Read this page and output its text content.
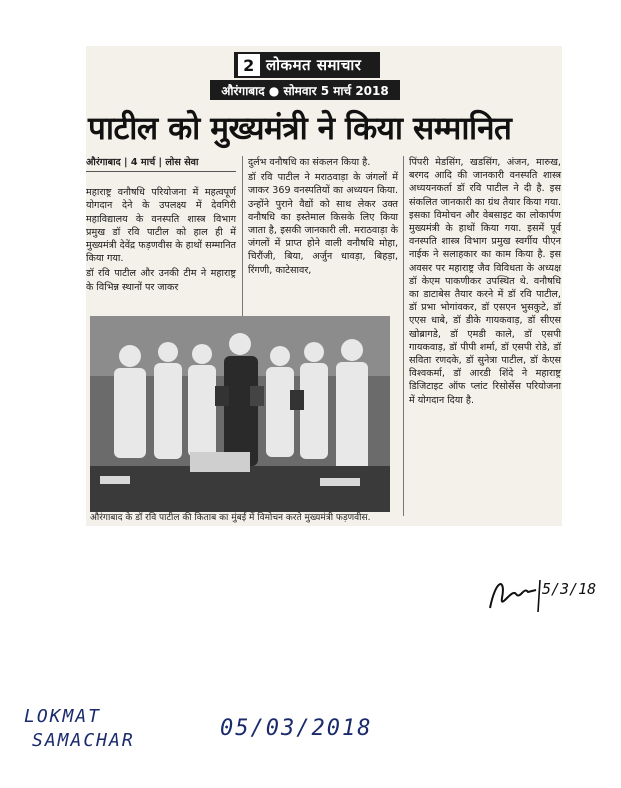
2 लोकमत समाचार
औरंगाबाद ● सोमवार 5 मार्च 2018
पाटील को मुख्यमंत्री ने किया सम्मानित

औरंगाबाद | 4 मार्च | लोस सेवा

महाराष्ट्र वनौषधि परियोजना में महत्वपूर्ण योगदान देने के उपलक्ष्य में देवगिरी महाविद्यालय के वनस्पति शास्त्र विभाग प्रमुख डॉ रवि पाटील को हाल ही में मुख्यमंत्री देवेंद्र फड़णवीस के हाथों सम्मानित किया गया.

डॉ रवि पाटील और उनकी टीम ने महाराष्ट्र के विभिन्न स्थानों पर जाकर

दुर्लभ वनौषधि का संकलन किया है.

डॉ रवि पाटील ने मराठवाड़ा के जंगलों में जाकर 369 वनस्पतियों का अध्ययन किया. उन्होंने पुराने वैद्यों को साथ लेकर उक्त वनौषधि का इस्तेमाल किसके लिए किया जाता है, इसकी जानकारी ली. मराठवाड़ा के जंगलों में प्राप्त होने वाली वनौषधि मोहा, चिरौंजी, बिया, अर्जुन धावड़ा, बिहड़ा, रिंगणी, काटेसावर,

पिंपरी मेडसिंग, खडसिंग, अंजन, मारुख, बरगद आदि की जानकारी वनस्पति शास्त्र अध्ययनकर्ता डॉ रवि पाटील ने दी है. इस संकलित जानकारी का ग्रंथ तैयार किया गया. इसका विमोचन और वेबसाइट का लोकार्पण मुख्यमंत्री के हाथों किया गया. इसमें पूर्व वनस्पति शास्त्र विभाग प्रमुख स्वर्गीय पीएन नाईक ने सलाहकार का काम किया है. इस अवसर पर महाराष्ट्र जैव विविधता के अध्यक्ष डॉ केएम पाकणीकर उपस्थित थे. वनौषधि का डाटाबेस तैयार करने में डॉ रवि पाटील, डॉ प्रभा भोगांवकर, डॉ एसएन भुसकुटे, डॉ एएस धाबे, डॉ डीके गायकवाड़, डॉ सीएस खोब्रागडे, डॉ एमडी काले, डॉ एसपी गायकवाड़, डॉ पीपी शर्मा, डॉ एसपी रोडे, डॉ सविता रणदके, डॉ सुनेत्रा पाटील, डॉ केएस विश्वकर्मा, डॉ आरडी शिंदे ने महाराष्ट्र डिजिटाइट ऑफ प्लांट रिसोर्सेस परियोजना में योगदान दिया है.

औरंगाबाद के डॉ रवि पाटील की किताब का मुंबई में विमोचन करते मुख्यमंत्री फड़णवीस.
5/3/18
LOKMAT
SAMACHAR	05/03/2018
